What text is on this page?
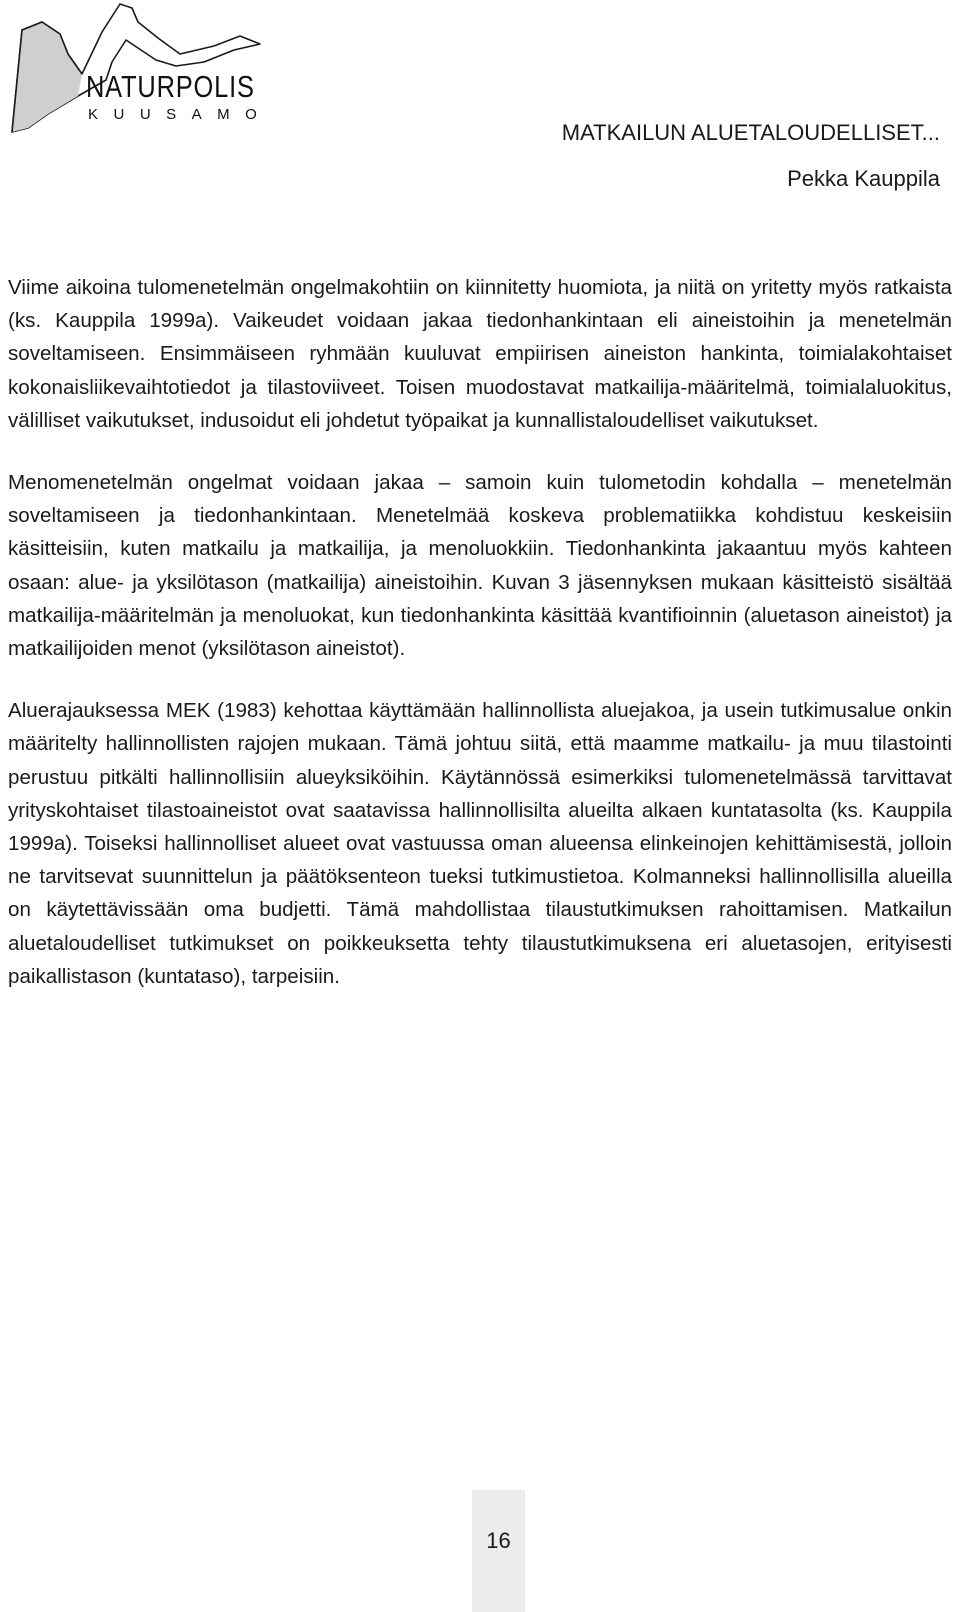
NATURPOLIS
KUUSAMO
MATKAILUN ALUETALOUDELLISET...
Pekka Kauppila

Viime aikoina tulomenetelmän ongelmakohtiin on kiinnitetty huomiota, ja niitä on yritetty myös ratkaista (ks. Kauppila 1999a). Vaikeudet voidaan jakaa tiedonhankintaan eli aineistoihin ja menetelmän soveltamiseen. Ensimmäiseen ryhmään kuuluvat empiirisen aineiston hankinta, toimialakohtaiset kokonaisliikevaihtotiedot ja tilastoviiveet. Toisen muodostavat matkailija-määritelmä, toimialaluokitus, välilliset vaikutukset, indusoidut eli johdetut työpaikat ja kunnallistaloudelliset vaikutukset.

Menomenetelmän ongelmat voidaan jakaa – samoin kuin tulometodin kohdalla – menetelmän soveltamiseen ja tiedonhankintaan. Menetelmää koskeva problematiikka kohdistuu keskeisiin käsitteisiin, kuten matkailu ja matkailija, ja menoluokkiin. Tiedonhankinta jakaantuu myös kahteen osaan: alue- ja yksilötason (matkailija) aineistoihin. Kuvan 3 jäsennyksen mukaan käsitteistö sisältää matkailija-määritelmän ja menoluokat, kun tiedonhankinta käsittää kvantifioinnin (aluetason aineistot) ja matkailijoiden menot (yksilötason aineistot).

Aluerajauksessa MEK (1983) kehottaa käyttämään hallinnollista aluejakoa, ja usein tutkimusalue onkin määritelty hallinnollisten rajojen mukaan. Tämä johtuu siitä, että maamme matkailu- ja muu tilastointi perustuu pitkälti hallinnollisiin alueyksiköihin. Käytännössä esimerkiksi tulomenetelmässä tarvittavat yrityskohtaiset tilastoaineistot ovat saatavissa hallinnollisilta alueilta alkaen kuntatasolta (ks. Kauppila 1999a). Toiseksi hallinnolliset alueet ovat vastuussa oman alueensa elinkeinojen kehittämisestä, jolloin ne tarvitsevat suunnittelun ja päätöksenteon tueksi tutkimustietoa. Kolmanneksi hallinnollisilla alueilla on käytettävissään oma budjetti. Tämä mahdollistaa tilaustutkimuksen rahoittamisen. Matkailun aluetaloudelliset tutkimukset on poikkeuksetta tehty tilaustutkimuksena eri aluetasojen, erityisesti paikallistason (kuntataso), tarpeisiin.

16
